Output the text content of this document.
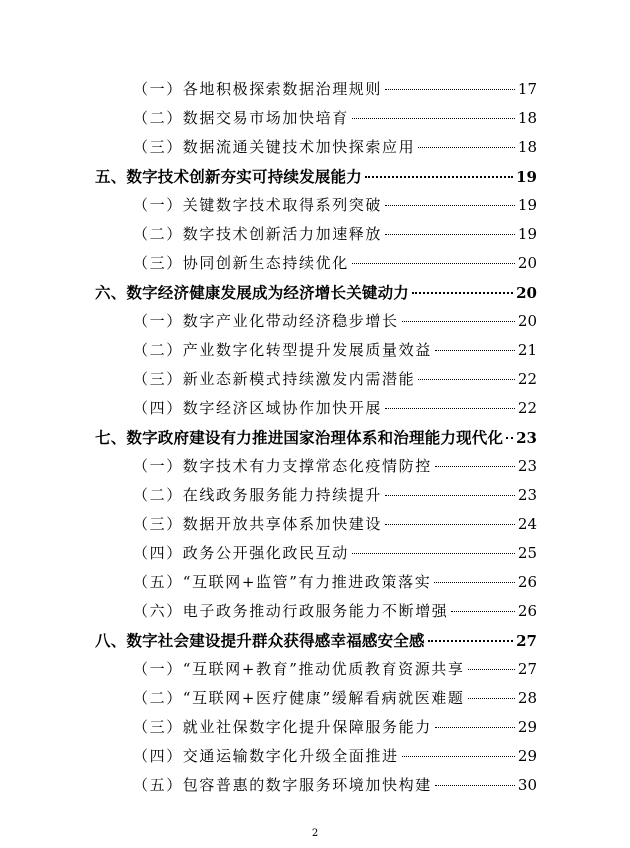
（一）各地积极探索数据治理规则	17
（二）数据交易市场加快培育	18
（三）数据流通关键技术加快探索应用	18
五、数字技术创新夯实可持续发展能力	19
（一）关键数字技术取得系列突破	19
（二）数字技术创新活力加速释放	19
（三）协同创新生态持续优化	20
六、数字经济健康发展成为经济增长关键动力	20
（一）数字产业化带动经济稳步增长	20
（二）产业数字化转型提升发展质量效益	21
（三）新业态新模式持续激发内需潜能	22
（四）数字经济区域协作加快开展	22
七、数字政府建设有力推进国家治理体系和治理能力现代化 23
（一）数字技术有力支撑常态化疫情防控	23
（二）在线政务服务能力持续提升	23
（三）数据开放共享体系加快建设	24
（四）政务公开强化政民互动	25
（五）“互联网+监管”有力推进政策落实	26
（六）电子政务推动行政服务能力不断增强	26
八、数字社会建设提升群众获得感幸福感安全感	27
（一）“互联网+教育”推动优质教育资源共享	27
（二）“互联网+医疗健康”缓解看病就医难题	28
（三）就业社保数字化提升保障服务能力	29
（四）交通运输数字化升级全面推进	29
（五）包容普惠的数字服务环境加快构建	30
2
